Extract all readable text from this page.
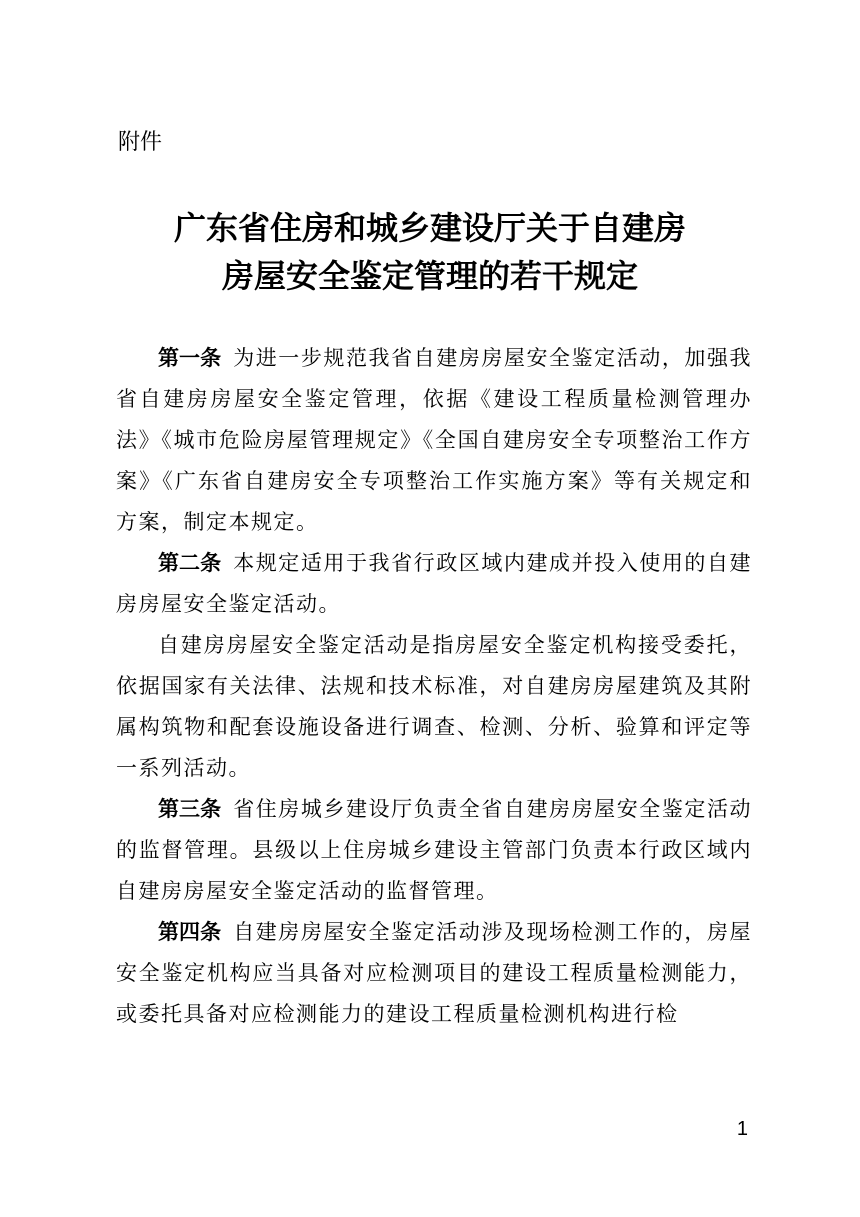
附件
广东省住房和城乡建设厅关于自建房
房屋安全鉴定管理的若干规定

第一条 为进一步规范我省自建房房屋安全鉴定活动，加强我省自建房房屋安全鉴定管理，依据《建设工程质量检测管理办法》《城市危险房屋管理规定》《全国自建房安全专项整治工作方案》《广东省自建房安全专项整治工作实施方案》等有关规定和方案，制定本规定。

第二条 本规定适用于我省行政区域内建成并投入使用的自建房房屋安全鉴定活动。

自建房房屋安全鉴定活动是指房屋安全鉴定机构接受委托，依据国家有关法律、法规和技术标准，对自建房房屋建筑及其附属构筑物和配套设施设备进行调查、检测、分析、验算和评定等一系列活动。

第三条 省住房城乡建设厅负责全省自建房房屋安全鉴定活动的监督管理。县级以上住房城乡建设主管部门负责本行政区域内自建房房屋安全鉴定活动的监督管理。

第四条 自建房房屋安全鉴定活动涉及现场检测工作的，房屋安全鉴定机构应当具备对应检测项目的建设工程质量检测能力，或委托具备对应检测能力的建设工程质量检测机构进行检

1
